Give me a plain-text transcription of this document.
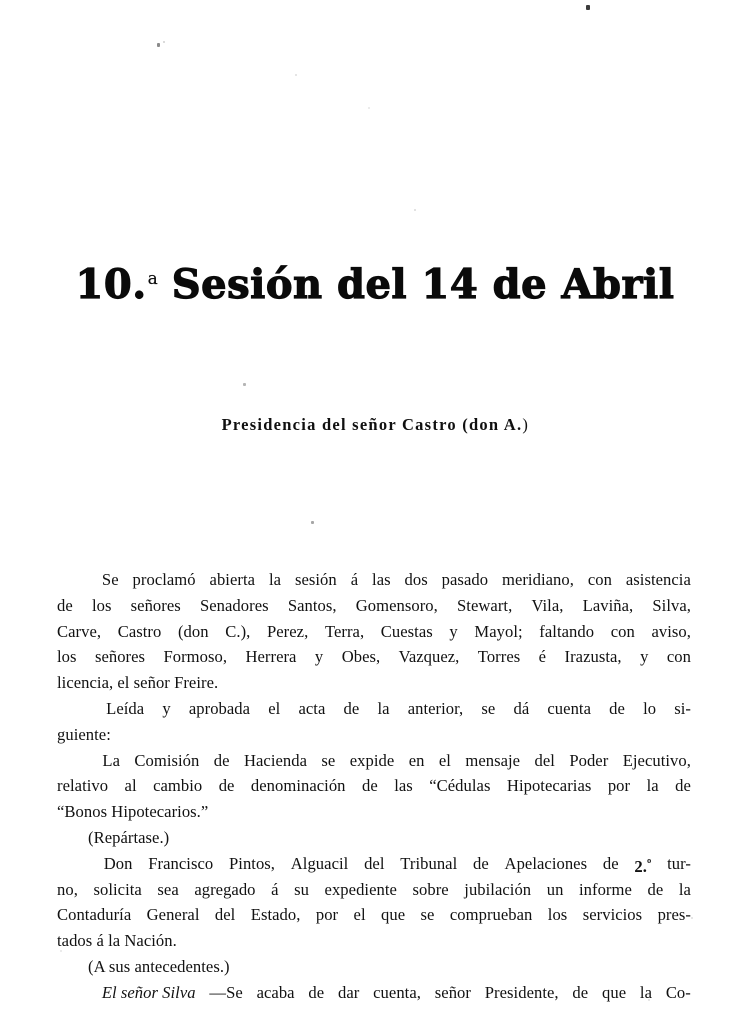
10.$^a$ Sesión del 14 de Abril
Presidencia del señor Castro (don A.)
Se proclamó abierta la sesión á las dos pasado meridiano, con asistencia
de los señores Senadores Santos, Gomensoro, Stewart, Vila, Laviña, Silva,
Carve, Castro (don C.), Perez, Terra, Cuestas y Mayol; faltando con aviso,
los señores Formoso, Herrera y Obes, Vazquez, Torres é Irazusta, y con
licencia, el señor Freire.
Leída y aprobada el acta de la anterior, se dá cuenta de lo si-
guiente:
La Comisión de Hacienda se expide en el mensaje del Poder Ejecutivo,
relativo al cambio de denominación de las “Cédulas Hipotecarias por la de
“Bonos Hipotecarios.”
(Repártase.)
Don Francisco Pintos, Alguacil del Tribunal de Apelaciones de 2.$^º$ tur-
no, solicita sea agregado á su expediente sobre jubilación un informe de la
Contaduría General del Estado, por el que se comprueban los servicios pres-
tados á la Nación.
(A sus antecedentes.)
El señor Silva —Se acaba de dar cuenta, señor Presidente, de que la Co-
